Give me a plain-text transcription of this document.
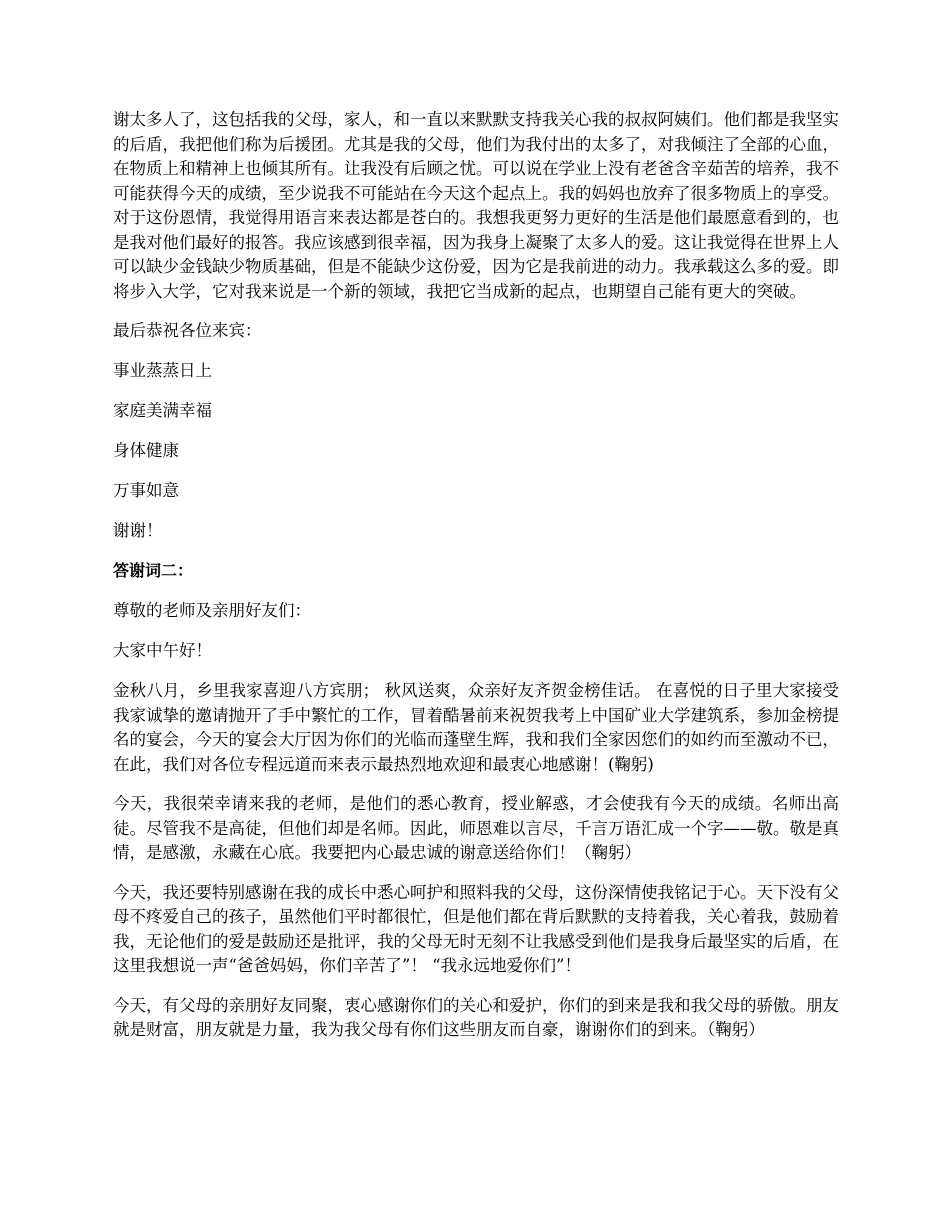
谢太多人了，这包括我的父母，家人，和一直以来默默支持我关心我的叔叔阿姨们。他们都是我坚实的后盾，我把他们称为后援团。尤其是我的父母，他们为我付出的太多了，对我倾注了全部的心血，在物质上和精神上也倾其所有。让我没有后顾之忧。可以说在学业上没有老爸含辛茹苦的培养，我不可能获得今天的成绩，至少说我不可能站在今天这个起点上。我的妈妈也放弃了很多物质上的享受。对于这份恩情，我觉得用语言来表达都是苍白的。我想我更努力更好的生活是他们最愿意看到的，也是我对他们最好的报答。我应该感到很幸福，因为我身上凝聚了太多人的爱。这让我觉得在世界上人可以缺少金钱缺少物质基础，但是不能缺少这份爱，因为它是我前进的动力。我承载这么多的爱。即将步入大学，它对我来说是一个新的领域，我把它当成新的起点，也期望自己能有更大的突破。

最后恭祝各位来宾：

事业蒸蒸日上

家庭美满幸福

身体健康

万事如意

谢谢！

答谢词二：

尊敬的老师及亲朋好友们：

大家中午好！

金秋八月，乡里我家喜迎八方宾朋； 秋风送爽，众亲好友齐贺金榜佳话。 在喜悦的日子里大家接受我家诚挚的邀请抛开了手中繁忙的工作，冒着酷暑前来祝贺我考上中国矿业大学建筑系，参加金榜提名的宴会，今天的宴会大厅因为你们的光临而蓬壁生辉，我和我们全家因您们的如约而至激动不已，在此，我们对各位专程远道而来表示最热烈地欢迎和最衷心地感谢！(鞠躬)

今天，我很荣幸请来我的老师，是他们的悉心教育，授业解惑，才会使我有今天的成绩。名师出高徒。尽管我不是高徒，但他们却是名师。因此，师恩难以言尽，千言万语汇成一个字——敬。敬是真情，是感激，永藏在心底。我要把内心最忠诚的谢意送给你们！（鞠躬）

今天，我还要特别感谢在我的成长中悉心呵护和照料我的父母，这份深情使我铭记于心。天下没有父母不疼爱自己的孩子，虽然他们平时都很忙，但是他们都在背后默默的支持着我，关心着我，鼓励着我，无论他们的爱是鼓励还是批评，我的父母无时无刻不让我感受到他们是我身后最坚实的后盾，在这里我想说一声“爸爸妈妈，你们辛苦了”！ “我永远地爱你们”！

今天，有父母的亲朋好友同聚，衷心感谢你们的关心和爱护，你们的到来是我和我父母的骄傲。朋友就是财富，朋友就是力量，我为我父母有你们这些朋友而自豪，谢谢你们的到来。（鞠躬）
